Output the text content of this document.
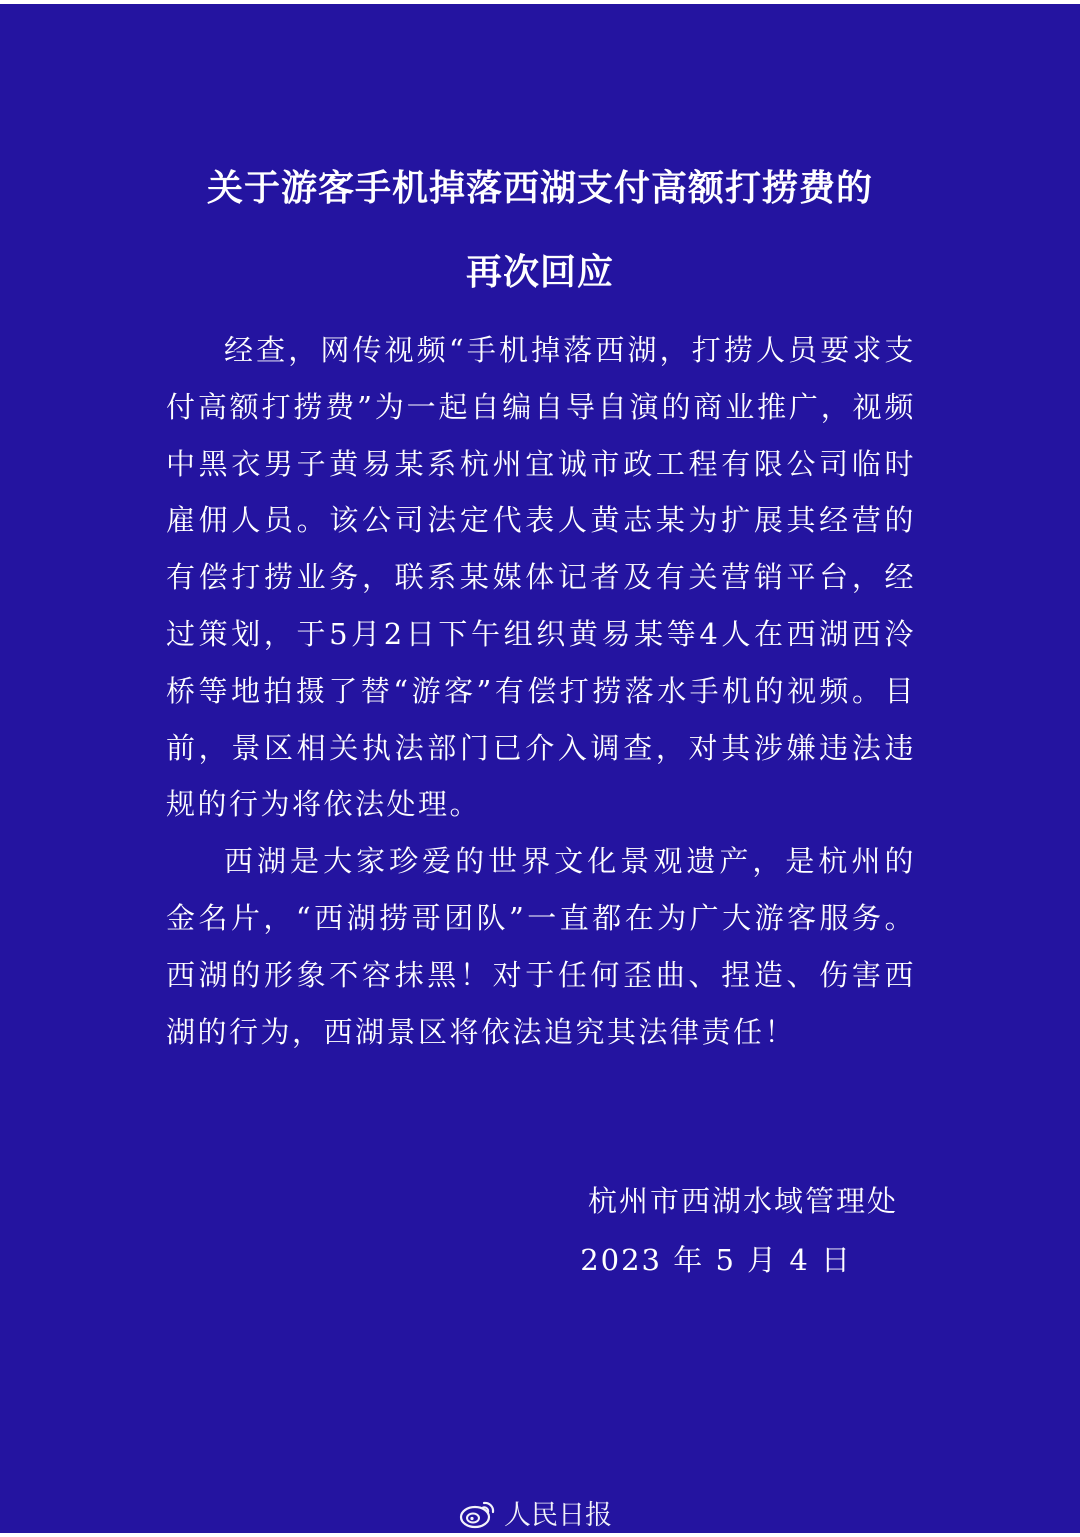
关于游客手机掉落西湖支付高额打捞费的
再次回应

经查，网传视频“手机掉落西湖，打捞人员要求支付高额打捞费”为一起自编自导自演的商业推广，视频中黑衣男子黄易某系杭州宜诚市政工程有限公司临时雇佣人员。该公司法定代表人黄志某为扩展其经营的有偿打捞业务，联系某媒体记者及有关营销平台，经过策划，于5月2日下午组织黄易某等4人在西湖西泠桥等地拍摄了替“游客”有偿打捞落水手机的视频。目前，景区相关执法部门已介入调查，对其涉嫌违法违规的行为将依法处理。

西湖是大家珍爱的世界文化景观遗产，是杭州的金名片，“西湖捞哥团队”一直都在为广大游客服务。西湖的形象不容抹黑！对于任何歪曲、捏造、伤害西湖的行为，西湖景区将依法追究其法律责任！

杭州市西湖水域管理处
2023 年 5 月 4 日
人民日报
